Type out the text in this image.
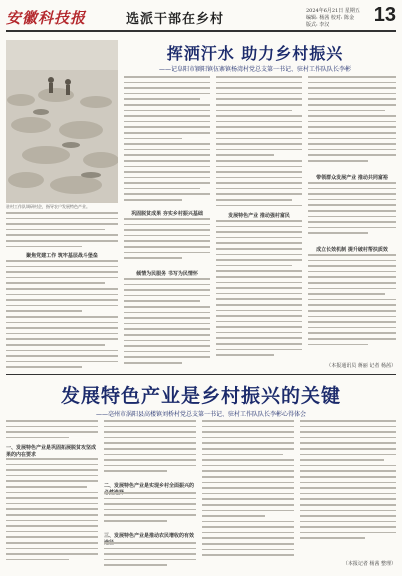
安徽科技报	选派干部在乡村
2024年6月21日 星期五
编辑: 杨茜 校对: 陈金
版式: 李汉	13
挥洒汗水 助力乡村振兴
——记阜阳市颍阳镇伍寨镇杨湾村党总支第一书记、驻村工作队队长李彬
驻村工作队调研村企，指导农户发展特色产业。
聚焦党建工作 筑牢基层战斗堡垒
巩固脱贫成果 夯实乡村振兴基础
倾情为民服务 书写为民情怀
发展特色产业 推动强村富民
带领群众发展产业 推动共同富裕
成立长效机制 提升破村帮扶质效
（本报通讯员 蒋丽 记者 杨茜）
发展特色产业是乡村振兴的关键
——亳州市涡阳县高楼镇刘桥村党总支第一书记、驻村工作队队长李彬心得体会
一、发展特色产业是巩固拓展脱贫攻坚成果的内在要求
二、发展特色产业是实现乡村全面振兴的
三、发展特色产业是推动农民增收的有效
（本报记者 杨茜 整理）
